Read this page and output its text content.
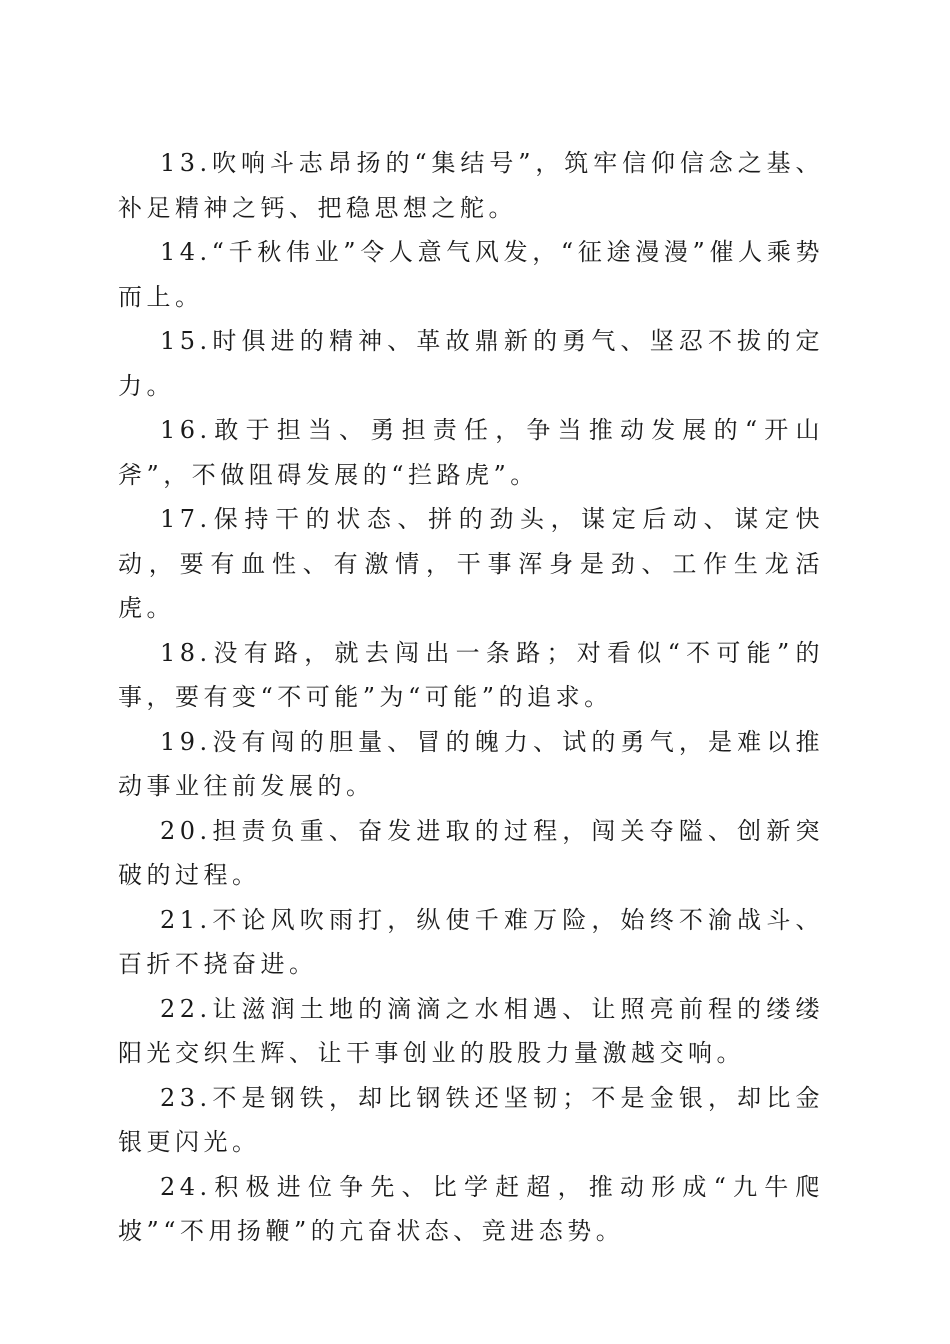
13.吹响斗志昂扬的“集结号”，筑牢信仰信念之基、补足精神之钙、把稳思想之舵。

14.“千秋伟业”令人意气风发，“征途漫漫”催人乘势而上。

15.时俱进的精神、革故鼎新的勇气、坚忍不拔的定力。

16.敢于担当、勇担责任，争当推动发展的“开山斧”，不做阻碍发展的“拦路虎”。

17.保持干的状态、拼的劲头，谋定后动、谋定快动，要有血性、有激情，干事浑身是劲、工作生龙活虎。

18.没有路，就去闯出一条路；对看似“不可能”的事，要有变“不可能”为“可能”的追求。

19.没有闯的胆量、冒的魄力、试的勇气，是难以推动事业往前发展的。

20.担责负重、奋发进取的过程，闯关夺隘、创新突破的过程。

21.不论风吹雨打，纵使千难万险，始终不渝战斗、百折不挠奋进。

22.让滋润土地的滴滴之水相遇、让照亮前程的缕缕阳光交织生辉、让干事创业的股股力量激越交响。

23.不是钢铁，却比钢铁还坚韧；不是金银，却比金银更闪光。

24.积极进位争先、比学赶超，推动形成“九牛爬坡”“不用扬鞭”的亢奋状态、竞进态势。
